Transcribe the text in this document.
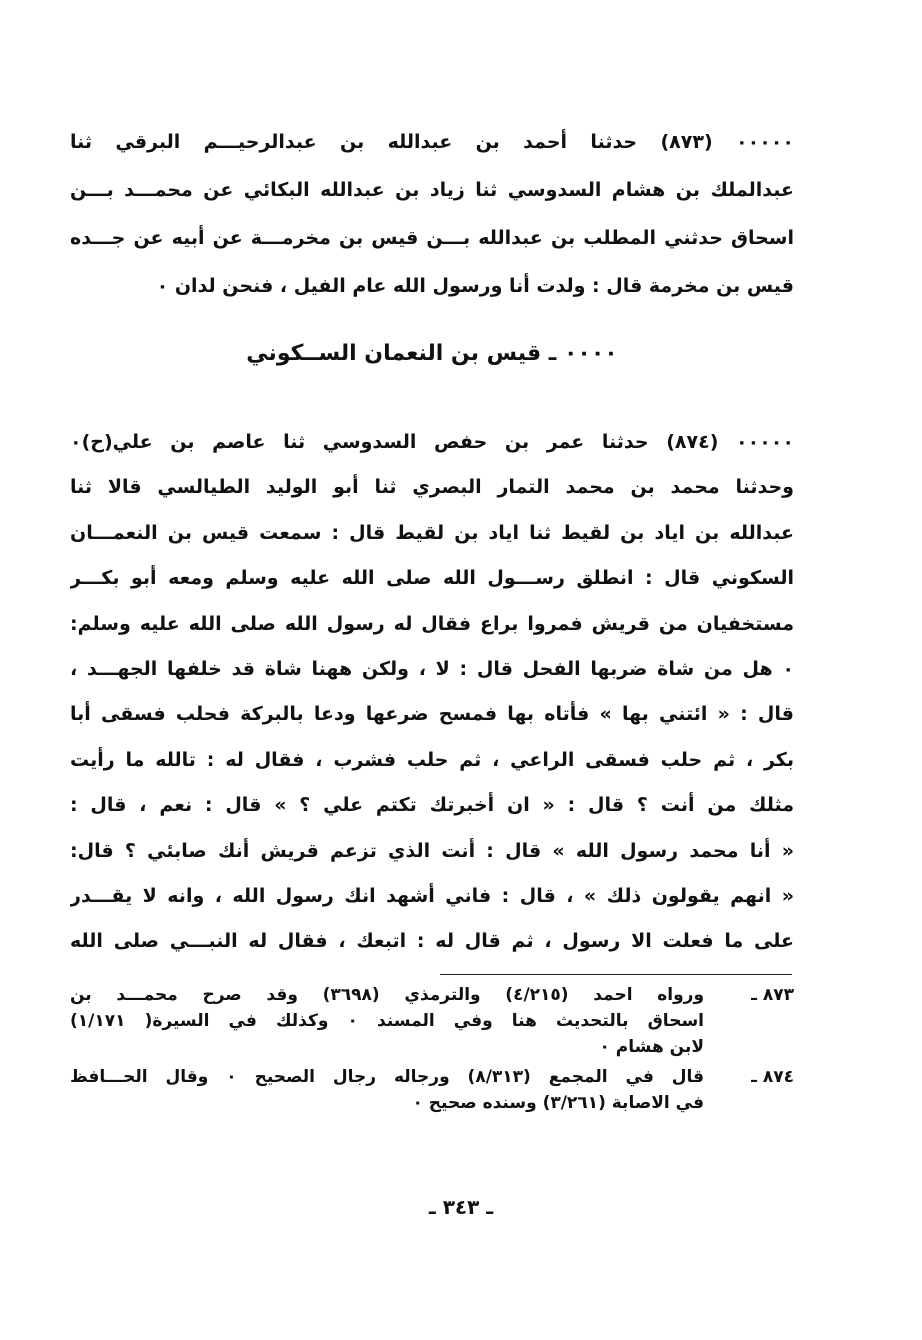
٠٠٠٠٠ (٨٧٣) حدثنا أحمد بن عبدالله بن عبدالرحيـــم البرقي ثنا
عبدالملك بن هشام السدوسي ثنا زياد بن عبدالله البكائي عن محمـــد بـــن
اسحاق حدثني المطلب بن عبدالله بـــن قيس بن مخرمـــة عن أبيه عن جـــده
قيس بن مخرمة قال : ولدت أنا ورسول الله عام الفيل ، فنحن لدان ٠
٠٠٠٠ ـ قيس بن النعمان الســكوني
٠٠٠٠٠ (٨٧٤) حدثنا عمر بن حفص السدوسي ثنا عاصم بن علي(ح)٠
وحدثنا محمد بن محمد التمار البصري ثنا أبو الوليد الطيالسي قالا ثنا
عبدالله بن اياد بن لقيط ثنا اياد بن لقيط قال : سمعت قيس بن النعمـــان
السكوني قال : انطلق رســـول الله صلى الله عليه وسلم ومعه أبو بكـــر
مستخفيان من قريش فمروا براع فقال له رسول الله صلى الله عليه وسلم:
٠ هل من شاة ضربها الفحل قال : لا ، ولكن ههنا شاة قد خلفها الجهـــد ،
قال : « ائتني بها » فأتاه بها فمسح ضرعها ودعا بالبركة فحلب فسقى أبا
بكر ، ثم حلب فسقى الراعي ، ثم حلب فشرب ، فقال له : تالله ما رأيت
مثلك من أنت ؟ قال : « ان أخبرتك تكتم علي ؟ » قال : نعم ، قال :
« أنا محمد رسول الله » قال : أنت الذي تزعم قريش أنك صابئي ؟ قال:
« انهم يقولون ذلك » ، قال : فاني أشهد انك رسول الله ، وانه لا يقـــدر
على ما فعلت الا رسول ، ثم قال له : اتبعك ، فقال له النبـــي صلى الله
٨٧٣ ـ
ورواه احمد (٤/٢١٥) والترمذي (٣٦٩٨) وقد صرح محمـــد بن
اسحاق بالتحديث هنا وفي المسند ٠ وكذلك في السيرة( ١/١٧١)
لابن هشام ٠
٨٧٤ ـ
قال في المجمع (٨/٣١٣) ورجاله رجال الصحيح ٠ وقال الحـــافظ
في الاصابة (٣/٢٦١) وسنده صحيح ٠
ـ ٣٤٣ ـ
